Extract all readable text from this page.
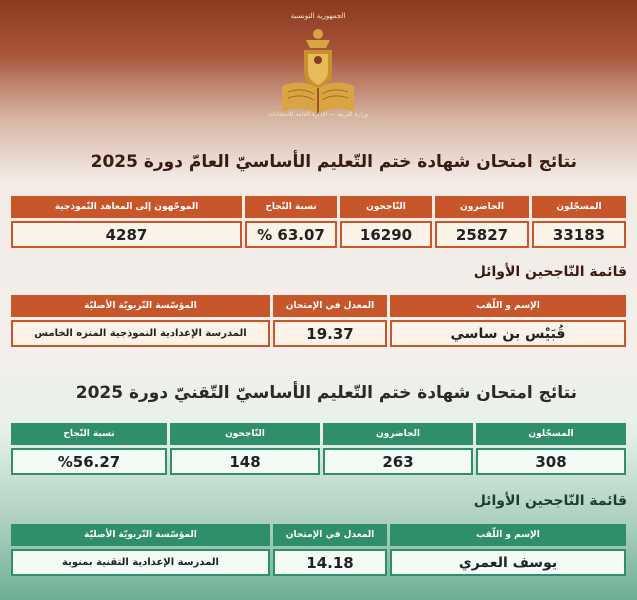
الجمهورية التونسية
وزارة التربية — الإدارة العامة للامتحانات
نتائج امتحان شهادة ختم التّعليم الأساسيّ العامّ دورة 2025
المسجّلون	الحاضرون	النّاجحون	نسبة النّجاح	الموجّهون إلى المعاهد النّموذجية
33183	25827	16290	63.07 %	4287
قائمة النّاجحين الأوائل
الإسم و اللّقب	المعدل في الإمتحان	المؤسّسة التّربويّة الأصليّة
قُبَيْس بن ساسي	19.37	المدرسة الإعدادية النموذجية المنزه الخامس
نتائج امتحان شهادة ختم التّعليم الأساسيّ التّقنيّ دورة 2025
المسجّلون	الحاضرون	النّاجحون	نسبة النّجاح
308	263	148	%56.27
قائمة النّاجحين الأوائل
الإسم و اللّقب	المعدل في الإمتحان	المؤسّسة التّربويّة الأصليّة
يوسف العمري	14.18	المدرسة الإعدادية التقنية بمنوبة
